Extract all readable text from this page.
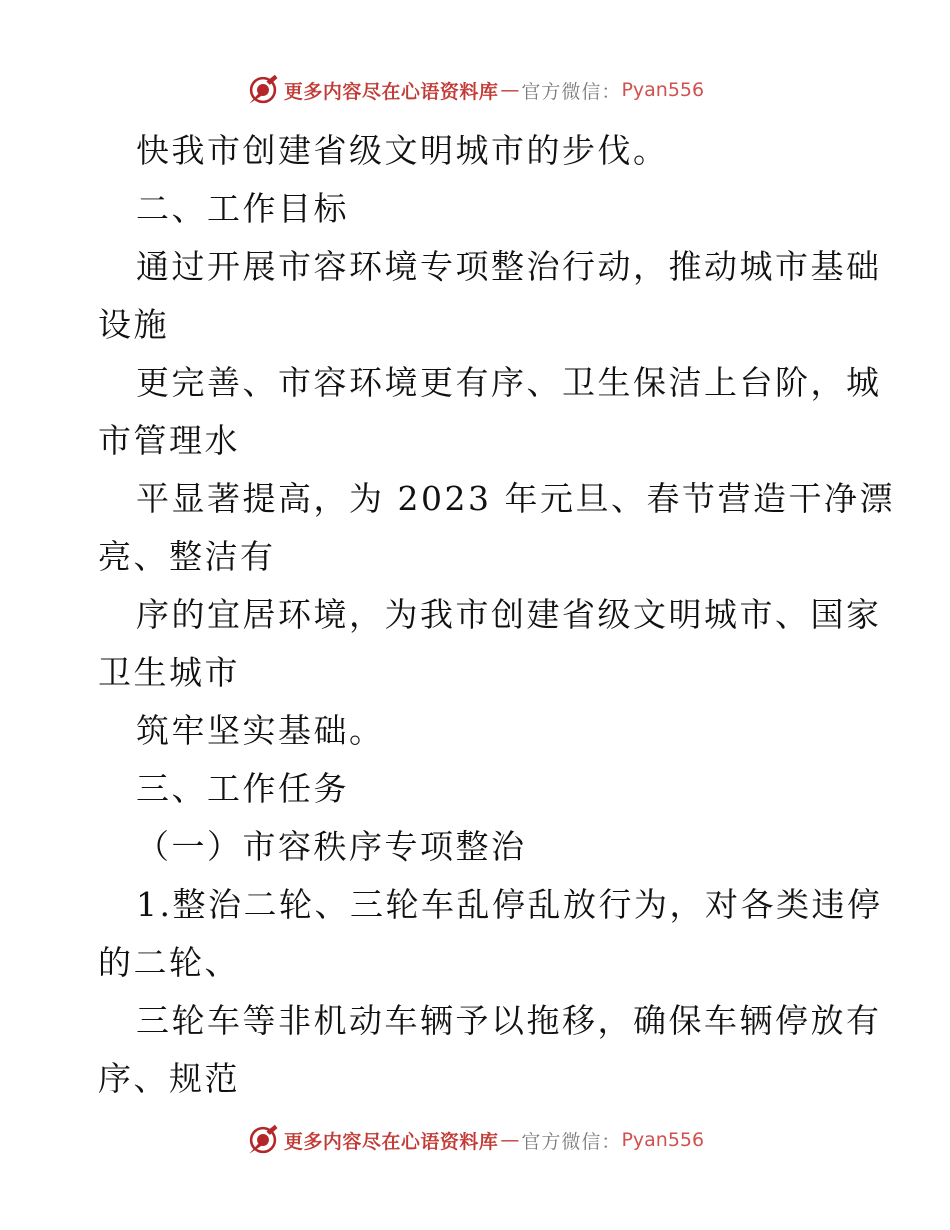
更多内容尽在心语资料库 — 官方微信： Pyan556
快我市创建省级文明城市的步伐。
二、工作目标
通过开展市容环境专项整治行动，推动城市基础
设施
更完善、市容环境更有序、卫生保洁上台阶，城
市管理水
平显著提高，为 2023 年元旦、春节营造干净漂
亮、整洁有
序的宜居环境，为我市创建省级文明城市、国家
卫生城市
筑牢坚实基础。
三、工作任务
（一）市容秩序专项整治
1.整治二轮、三轮车乱停乱放行为，对各类违停
的二轮、
三轮车等非机动车辆予以拖移，确保车辆停放有
序、规范
更多内容尽在心语资料库 — 官方微信： Pyan556
